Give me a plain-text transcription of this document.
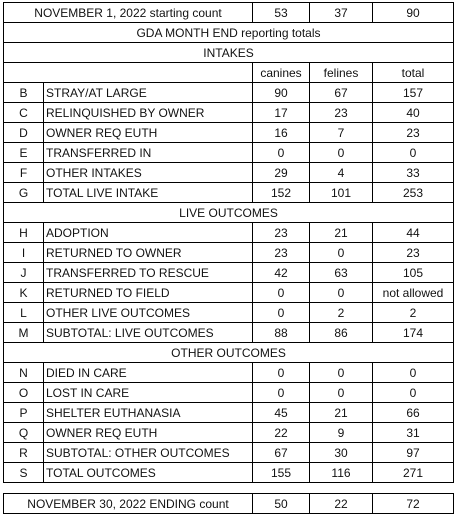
NOVEMBER 1, 2022 starting count		53	37	90
GDA MONTH END reporting totals				
INTAKES				
		canines	felines	total
B	STRAY/AT LARGE	90	67	157
C	RELINQUISHED BY OWNER	17	23	40
D	OWNER REQ EUTH	16	7	23
E	TRANSFERRED IN	0	0	0
F	OTHER INTAKES	29	4	33
G	TOTAL LIVE INTAKE	152	101	253
LIVE OUTCOMES				
H	ADOPTION	23	21	44
I	RETURNED TO OWNER	23	0	23
J	TRANSFERRED TO RESCUE	42	63	105
K	RETURNED TO FIELD	0	0	not allowed
L	OTHER LIVE OUTCOMES	0	2	2
M	SUBTOTAL: LIVE OUTCOMES	88	86	174
OTHER OUTCOMES				
N	DIED IN CARE	0	0	0
O	LOST IN CARE	0	0	0
P	SHELTER EUTHANASIA	45	21	66
Q	OWNER REQ EUTH	22	9	31
R	SUBTOTAL: OTHER OUTCOMES	67	30	97
S	TOTAL OUTCOMES	155	116	271

NOVEMBER 30, 2022 ENDING count		50	22	72
